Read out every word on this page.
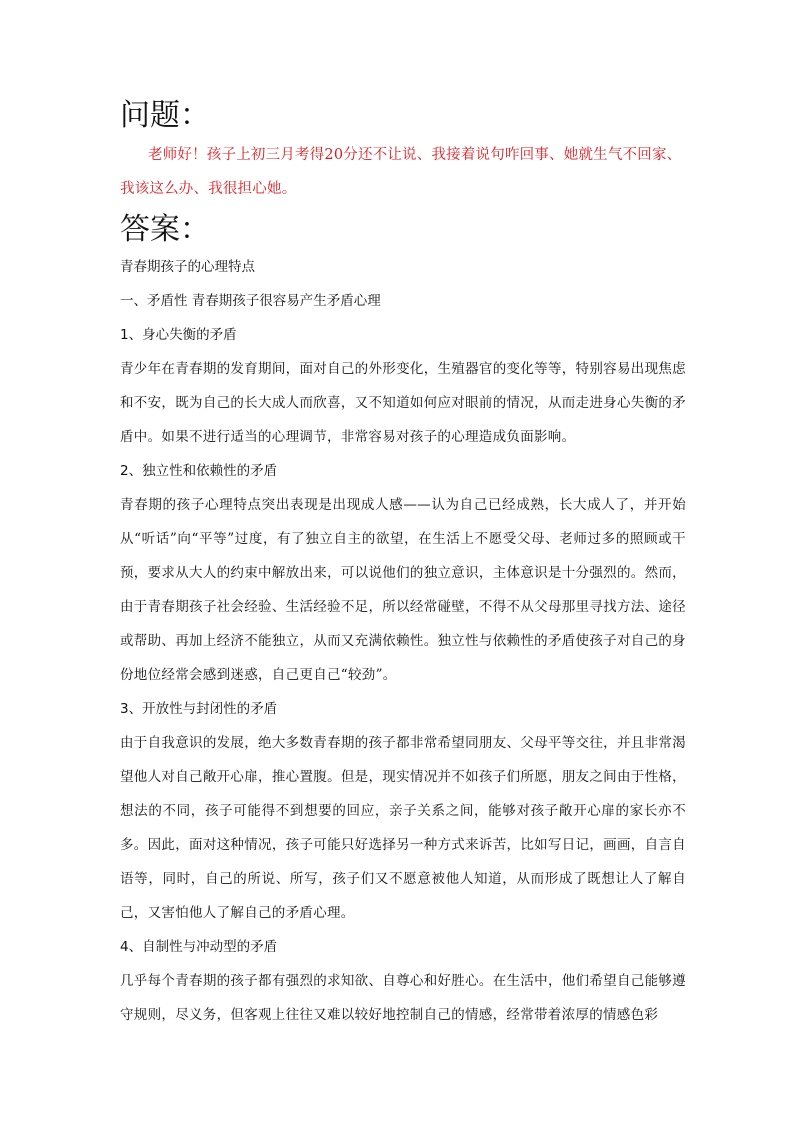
问题：

老师好！孩子上初三月考得20分还不让说、我接着说句咋回事、她就生气不回家、我该这么办、我很担心她。

答案：

青春期孩子的心理特点

一、矛盾性 青春期孩子很容易产生矛盾心理

1、身心失衡的矛盾

青少年在青春期的发育期间，面对自己的外形变化，生殖器官的变化等等，特别容易出现焦虑和不安，既为自己的长大成人而欣喜，又不知道如何应对眼前的情况，从而走进身心失衡的矛盾中。如果不进行适当的心理调节，非常容易对孩子的心理造成负面影响。

2、独立性和依赖性的矛盾

青春期的孩子心理特点突出表现是出现成人感——认为自己已经成熟，长大成人了，并开始从“听话”向“平等”过度，有了独立自主的欲望，在生活上不愿受父母、老师过多的照顾或干预，要求从大人的约束中解放出来，可以说他们的独立意识，主体意识是十分强烈的。然而，由于青春期孩子社会经验、生活经验不足，所以经常碰壁，不得不从父母那里寻找方法、途径或帮助、再加上经济不能独立，从而又充满依赖性。独立性与依赖性的矛盾使孩子对自己的身份地位经常会感到迷惑，自己更自己“较劲”。

3、开放性与封闭性的矛盾

由于自我意识的发展，绝大多数青春期的孩子都非常希望同朋友、父母平等交往，并且非常渴望他人对自己敞开心扉，推心置腹。但是，现实情况并不如孩子们所愿，朋友之间由于性格，想法的不同，孩子可能得不到想要的回应，亲子关系之间，能够对孩子敞开心扉的家长亦不多。因此，面对这种情况，孩子可能只好选择另一种方式来诉苦，比如写日记，画画，自言自语等，同时，自己的所说、所写，孩子们又不愿意被他人知道，从而形成了既想让人了解自己，又害怕他人了解自己的矛盾心理。

4、自制性与冲动型的矛盾

几乎每个青春期的孩子都有强烈的求知欲、自尊心和好胜心。在生活中，他们希望自己能够遵守规则，尽义务，但客观上往往又难以较好地控制自己的情感，经常带着浓厚的情感色彩
